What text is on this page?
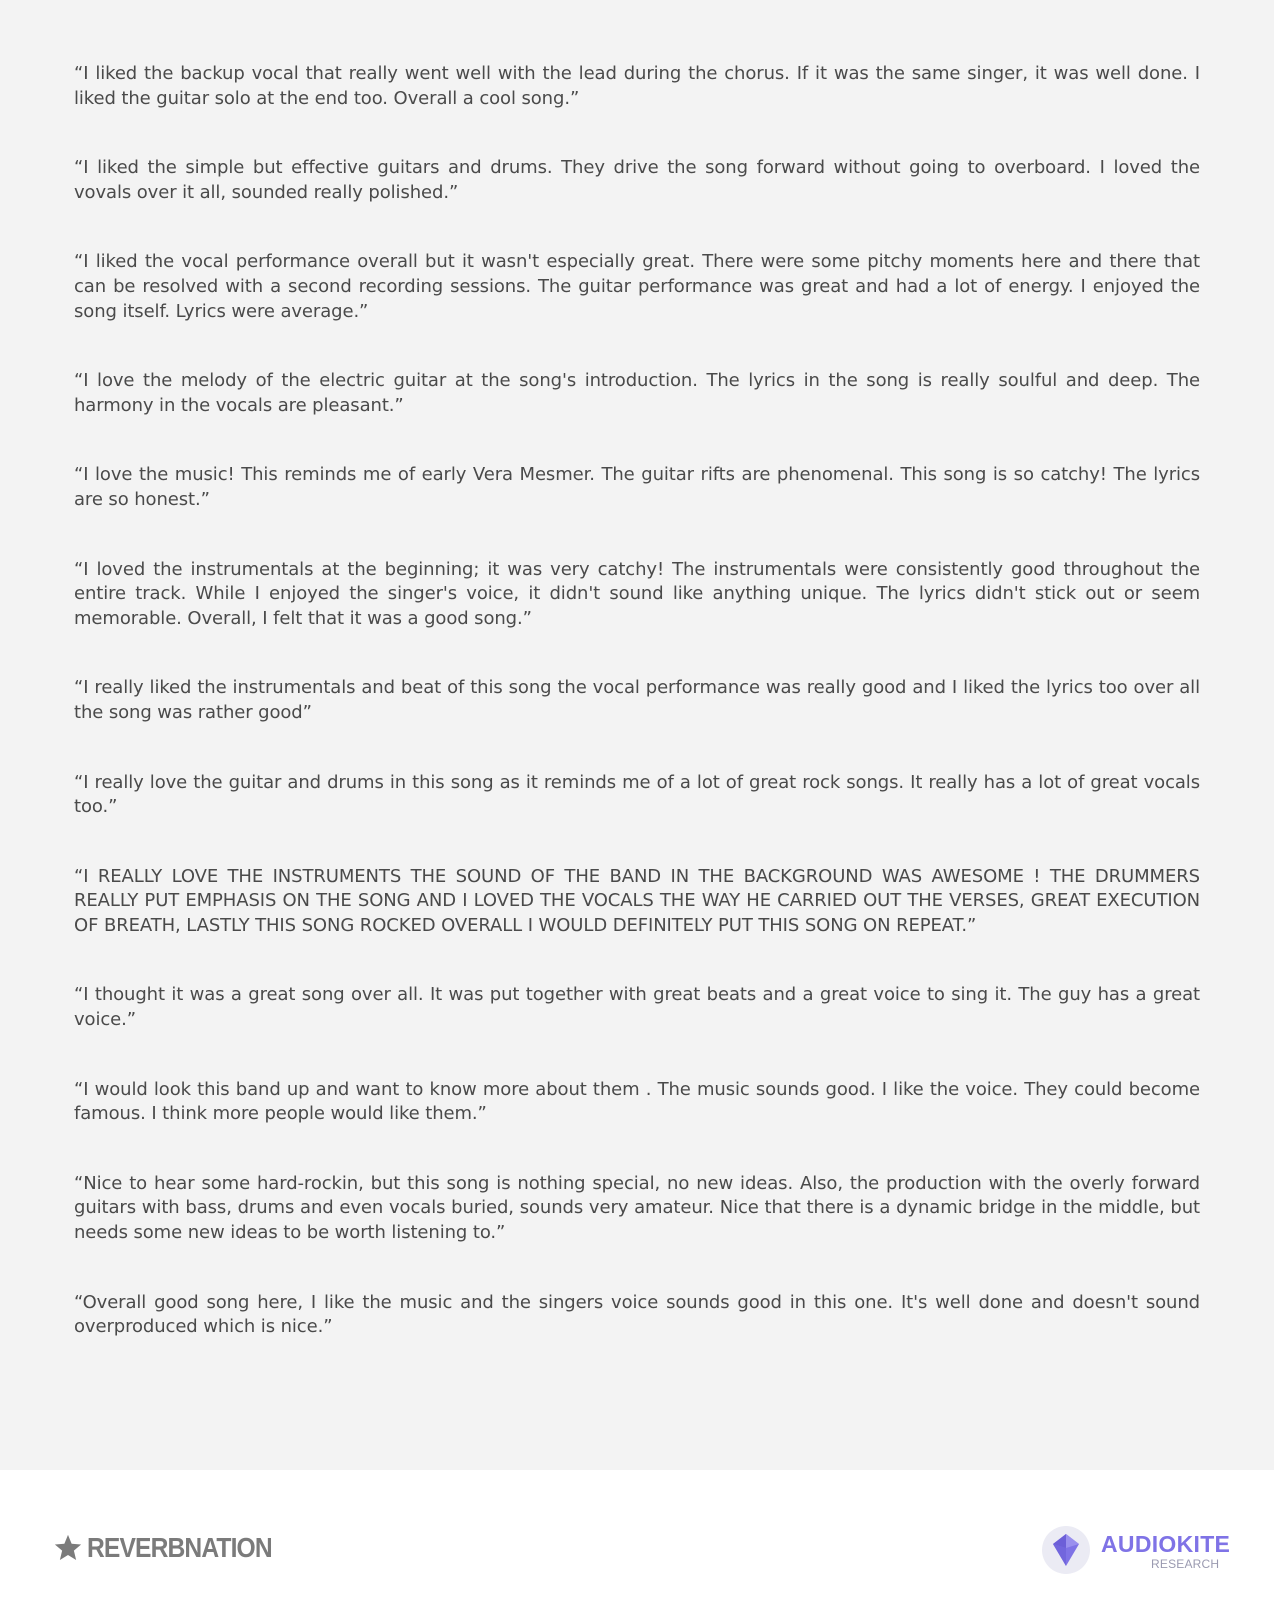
“I liked the backup vocal that really went well with the lead during the chorus. If it was the same singer, it was well done. I liked the guitar solo at the end too. Overall a cool song.”

“I liked the simple but effective guitars and drums. They drive the song forward without going to overboard. I loved the vovals over it all, sounded really polished.”

“I liked the vocal performance overall but it wasn't especially great. There were some pitchy moments here and there that can be resolved with a second recording sessions. The guitar performance was great and had a lot of energy. I enjoyed the song itself. Lyrics were average.”

“I love the melody of the electric guitar at the song's introduction. The lyrics in the song is really soulful and deep. The harmony in the vocals are pleasant.”

“I love the music! This reminds me of early Vera Mesmer. The guitar rifts are phenomenal. This song is so catchy! The lyrics are so honest.”

“I loved the instrumentals at the beginning; it was very catchy! The instrumentals were consistently good throughout the entire track. While I enjoyed the singer's voice, it didn't sound like anything unique. The lyrics didn't stick out or seem memorable. Overall, I felt that it was a good song.”

“I really liked the instrumentals and beat of this song the vocal performance was really good and I liked the lyrics too over all the song was rather good”

“I really love the guitar and drums in this song as it reminds me of a lot of great rock songs. It really has a lot of great vocals too.”

“I REALLY LOVE THE INSTRUMENTS THE SOUND OF THE BAND IN THE BACKGROUND WAS AWESOME ! THE DRUMMERS REALLY PUT EMPHASIS ON THE SONG AND I LOVED THE VOCALS THE WAY HE CARRIED OUT THE VERSES, GREAT EXECUTION OF BREATH, LASTLY THIS SONG ROCKED OVERALL I WOULD DEFINITELY PUT THIS SONG ON REPEAT.”

“I thought it was a great song over all. It was put together with great beats and a great voice to sing it. The guy has a great voice.”

“I would look this band up and want to know more about them . The music sounds good. I like the voice. They could become famous. I think more people would like them.”

“Nice to hear some hard-rockin, but this song is nothing special, no new ideas. Also, the production with the overly forward guitars with bass, drums and even vocals buried, sounds very amateur. Nice that there is a dynamic bridge in the middle, but needs some new ideas to be worth listening to.”

“Overall good song here, I like the music and the singers voice sounds good in this one. It's well done and doesn't sound overproduced which is nice.”

REVERBNATION	AUDIOKITE
RESEARCH
